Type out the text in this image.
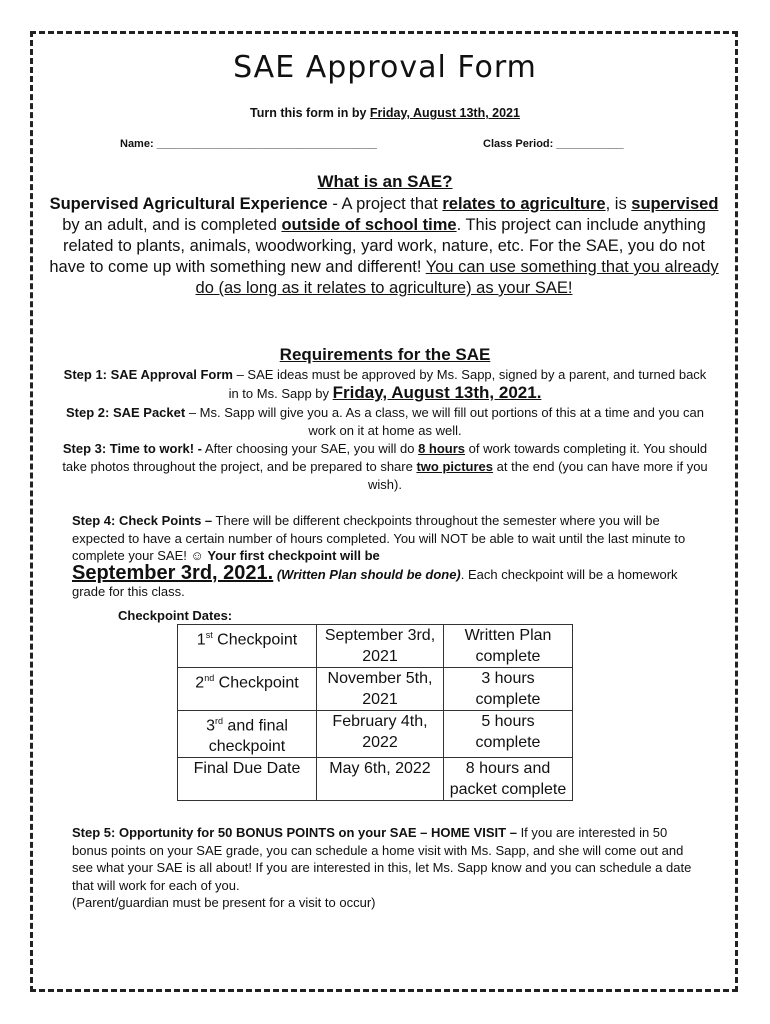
SAE Approval Form
Turn this form in by Friday, August 13th, 2021
Name: ____________________________________	Class Period: ___________
What is an SAE?
Supervised Agricultural Experience - A project that relates to agriculture, is supervised by an adult, and is completed outside of school time. This project can include anything related to plants, animals, woodworking, yard work, nature, etc. For the SAE, you do not have to come up with something new and different! You can use something that you already do (as long as it relates to agriculture) as your SAE!
Requirements for the SAE
Step 1: SAE Approval Form – SAE ideas must be approved by Ms. Sapp, signed by a parent, and turned back in to Ms. Sapp by Friday, August 13th, 2021.
Step 2: SAE Packet – Ms. Sapp will give you a. As a class, we will fill out portions of this at a time and you can work on it at home as well.
Step 3: Time to work! - After choosing your SAE, you will do 8 hours of work towards completing it. You should take photos throughout the project, and be prepared to share two pictures at the end (you can have more if you wish).
Step 4: Check Points – There will be different checkpoints throughout the semester where you will be expected to have a certain number of hours completed. You will NOT be able to wait until the last minute to complete your SAE! ☺ Your first checkpoint will be
September 3rd, 2021. (Written Plan should be done). Each checkpoint will be a homework grade for this class.
Checkpoint Dates:
1st Checkpoint	September 3rd, 2021	Written Plan complete
2nd Checkpoint	November 5th, 2021	3 hours complete
3rd and final checkpoint	February 4th, 2022	5 hours complete
Final Due Date	May 6th, 2022	8 hours and packet complete
Step 5: Opportunity for 50 BONUS POINTS on your SAE – HOME VISIT – If you are interested in 50 bonus points on your SAE grade, you can schedule a home visit with Ms. Sapp, and she will come out and see what your SAE is all about! If you are interested in this, let Ms. Sapp know and you can schedule a date that will work for each of you.
(Parent/guardian must be present for a visit to occur)
